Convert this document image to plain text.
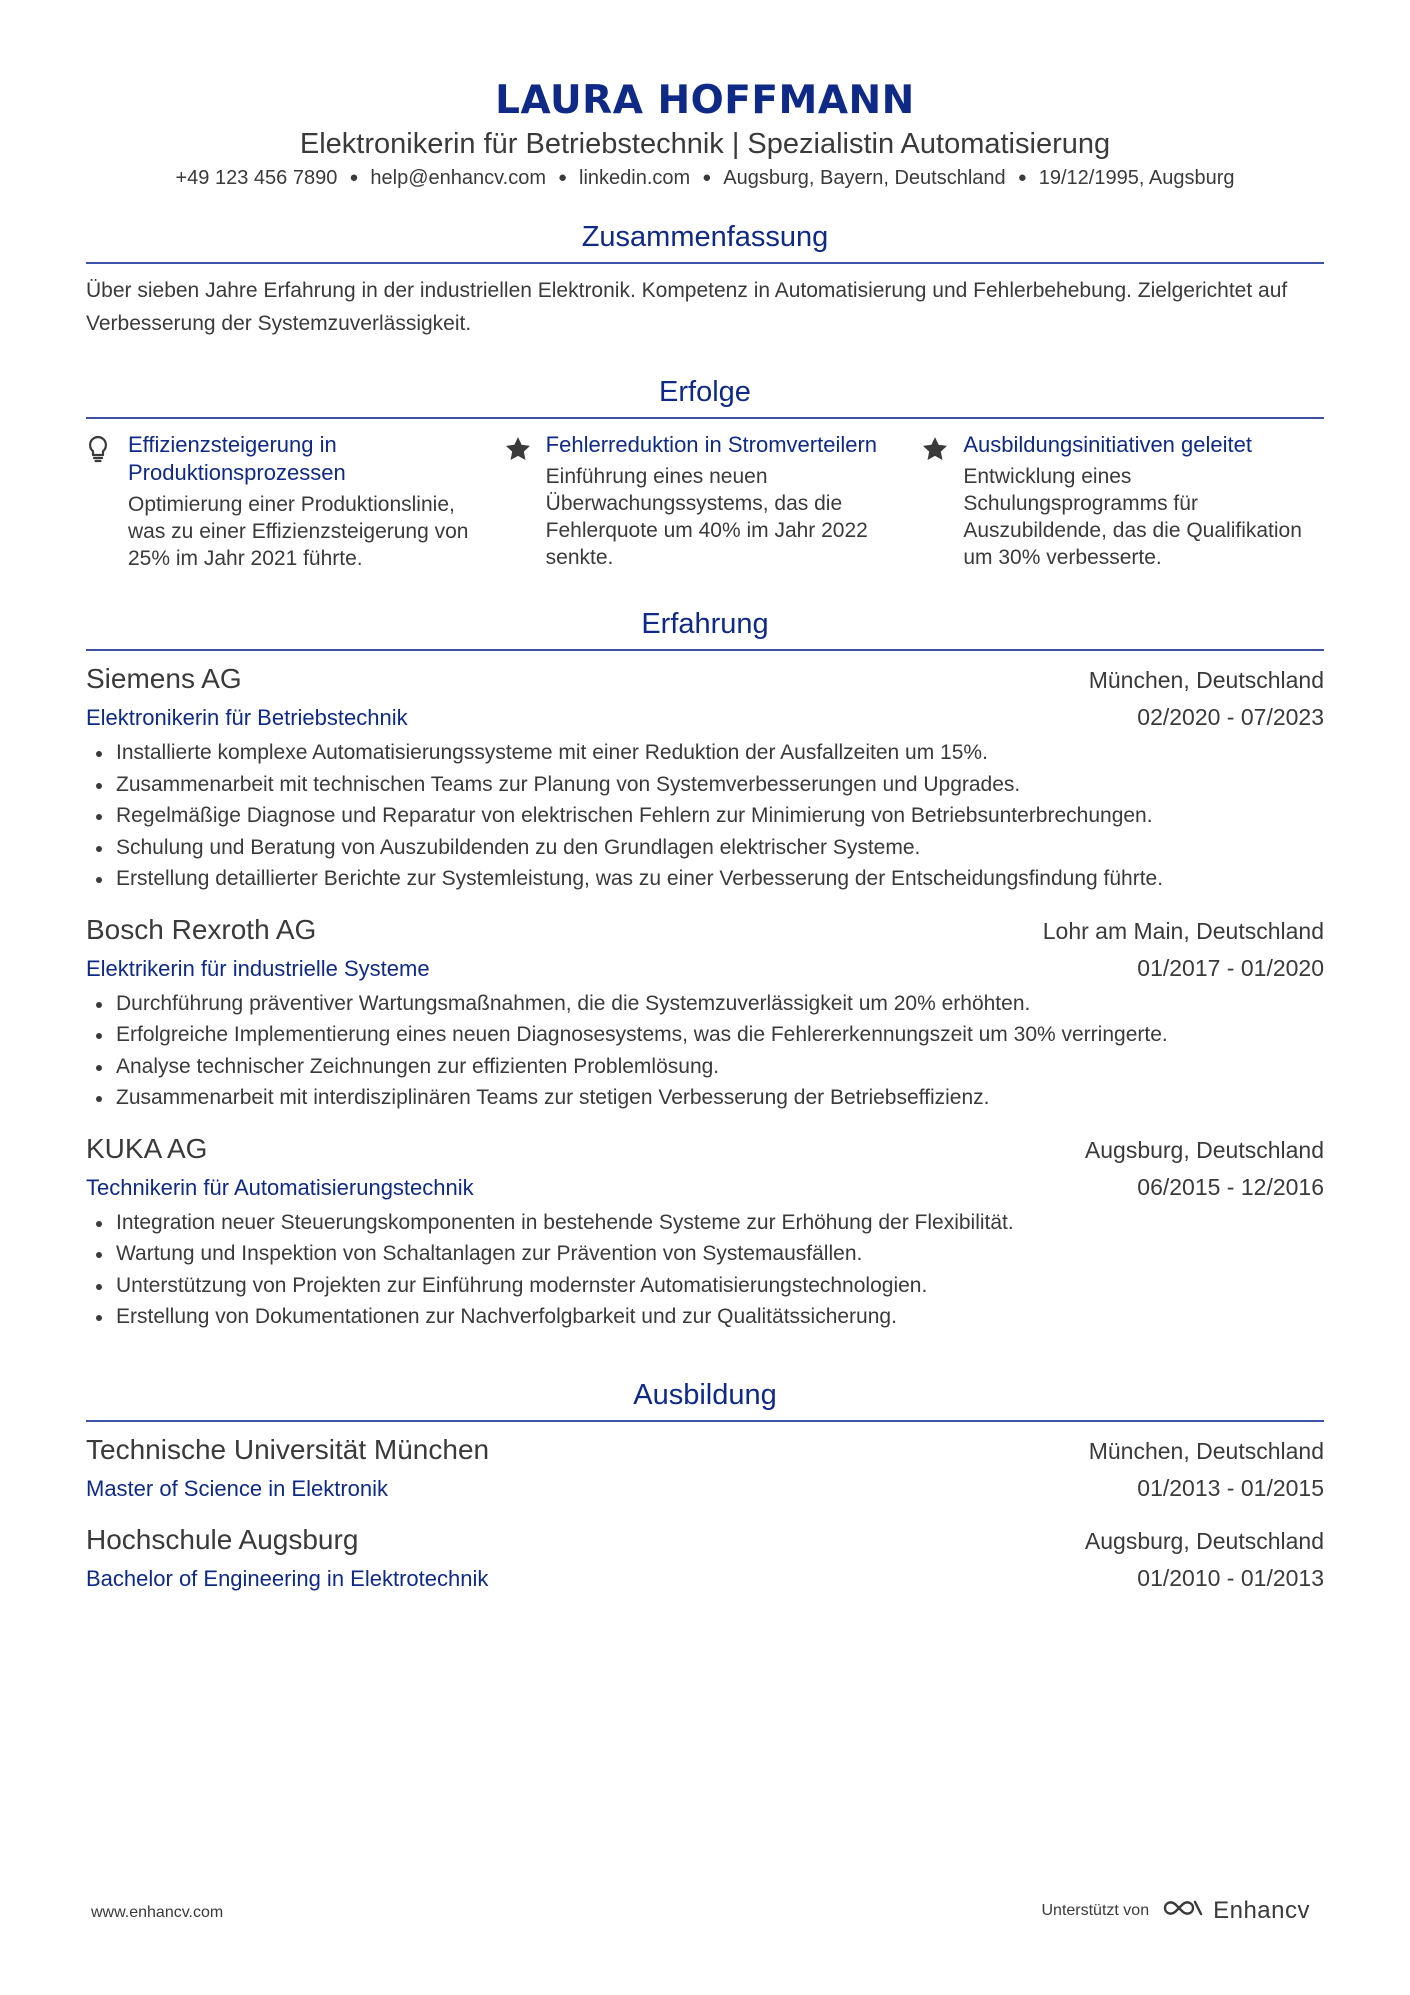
LAURA HOFFMANN
Elektronikerin für Betriebstechnik | Spezialistin Automatisierung
+49 123 456 7890 ● help@enhancv.com ● linkedin.com ● Augsburg, Bayern, Deutschland ● 19/12/1995, Augsburg
Zusammenfassung
Über sieben Jahre Erfahrung in der industriellen Elektronik. Kompetenz in Automatisierung und Fehlerbehebung. Zielgerichtet auf Verbesserung der Systemzuverlässigkeit.
Erfolge
Effizienzsteigerung in Produktionsprozessen
Optimierung einer Produktionslinie, was zu einer Effizienzsteigerung von 25% im Jahr 2021 führte.
Fehlerreduktion in Stromverteilern
Einführung eines neuen Überwachungssystems, das die Fehlerquote um 40% im Jahr 2022 senkte.
Ausbildungsinitiativen geleitet
Entwicklung eines Schulungsprogramms für Auszubildende, das die Qualifikation um 30% verbesserte.
Erfahrung
Siemens AG	München, Deutschland
Elektronikerin für Betriebstechnik	02/2020 - 07/2023
Installierte komplexe Automatisierungssysteme mit einer Reduktion der Ausfallzeiten um 15%.
Zusammenarbeit mit technischen Teams zur Planung von Systemverbesserungen und Upgrades.
Regelmäßige Diagnose und Reparatur von elektrischen Fehlern zur Minimierung von Betriebsunterbrechungen.
Schulung und Beratung von Auszubildenden zu den Grundlagen elektrischer Systeme.
Erstellung detaillierter Berichte zur Systemleistung, was zu einer Verbesserung der Entscheidungsfindung führte.
Bosch Rexroth AG	Lohr am Main, Deutschland
Elektrikerin für industrielle Systeme	01/2017 - 01/2020
Durchführung präventiver Wartungsmaßnahmen, die die Systemzuverlässigkeit um 20% erhöhten.
Erfolgreiche Implementierung eines neuen Diagnosesystems, was die Fehlererkennungszeit um 30% verringerte.
Analyse technischer Zeichnungen zur effizienten Problemlösung.
Zusammenarbeit mit interdisziplinären Teams zur stetigen Verbesserung der Betriebseffizienz.
KUKA AG	Augsburg, Deutschland
Technikerin für Automatisierungstechnik	06/2015 - 12/2016
Integration neuer Steuerungskomponenten in bestehende Systeme zur Erhöhung der Flexibilität.
Wartung und Inspektion von Schaltanlagen zur Prävention von Systemausfällen.
Unterstützung von Projekten zur Einführung modernster Automatisierungstechnologien.
Erstellung von Dokumentationen zur Nachverfolgbarkeit und zur Qualitätssicherung.
Ausbildung
Technische Universität München	München, Deutschland
Master of Science in Elektronik	01/2013 - 01/2015
Hochschule Augsburg	Augsburg, Deutschland
Bachelor of Engineering in Elektrotechnik	01/2010 - 01/2013
www.enhancv.com	Unterstützt von	Enhancv
